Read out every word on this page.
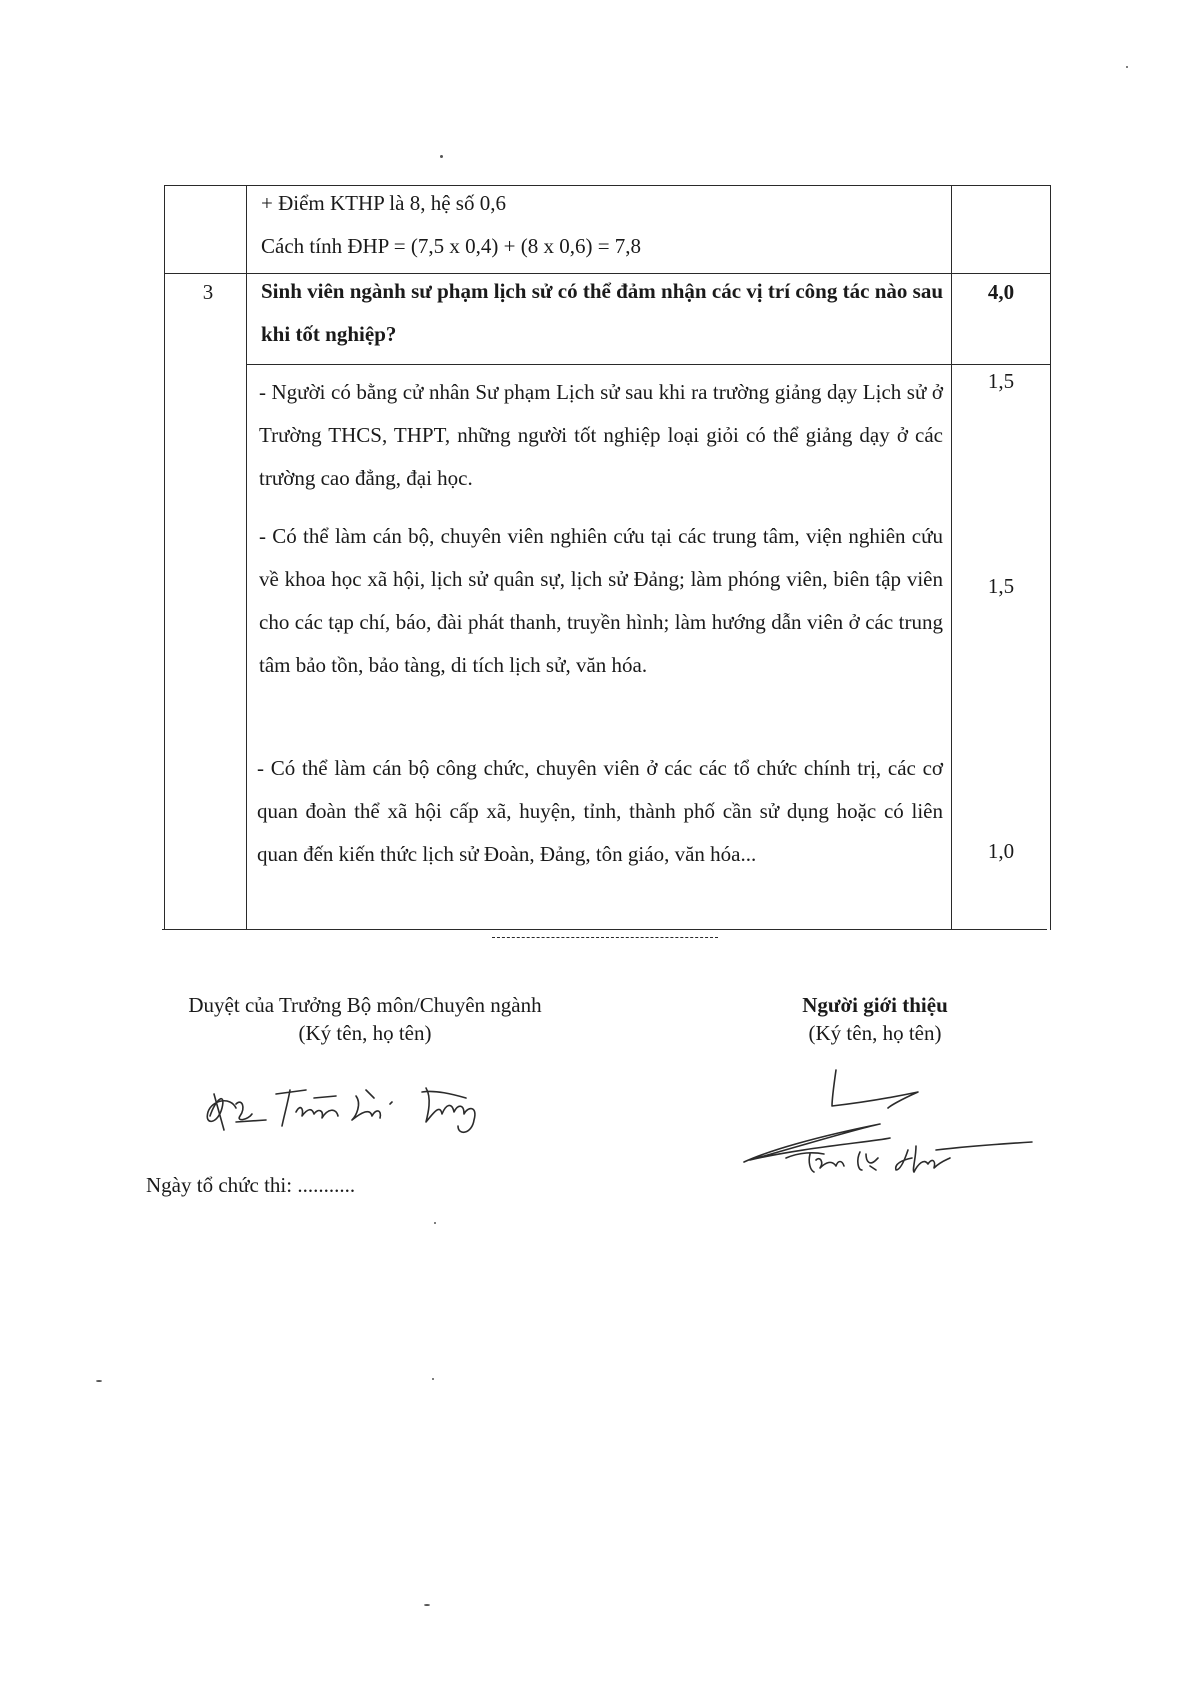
+ Điểm KTHP là 8, hệ số 0,6

Cách tính ĐHP = (7,5 x 0,4) + (8 x 0,6) = 7,8

3	Sinh viên ngành sư phạm lịch sử có thể đảm nhận các vị trí công tác nào sau khi tốt nghiệp?

4,0

- Người có bằng cử nhân Sư phạm Lịch sử sau khi ra trường giảng dạy Lịch sử ở Trường THCS, THPT, những người tốt nghiệp loại giỏi có thể giảng dạy ở các trường cao đẳng, đại học.

1,5

- Có thể làm cán bộ, chuyên viên nghiên cứu tại các trung tâm, viện nghiên cứu về khoa học xã hội, lịch sử quân sự, lịch sử Đảng; làm phóng viên, biên tập viên cho các tạp chí, báo, đài phát thanh, truyền hình; làm hướng dẫn viên ở các trung tâm bảo tồn, bảo tàng, di tích lịch sử, văn hóa.

1,5

- Có thể làm cán bộ công chức, chuyên viên ở các các tổ chức chính trị, các cơ quan đoàn thể xã hội cấp xã, huyện, tỉnh, thành phố cần sử dụng hoặc có liên quan đến kiến thức lịch sử Đoàn, Đảng, tôn giáo, văn hóa...	1,0
Duyệt của Trưởng Bộ môn/Chuyên ngành
(Ký tên, họ tên)
Người giới thiệu
(Ký tên, họ tên)
Ngày tổ chức thi: ...........
